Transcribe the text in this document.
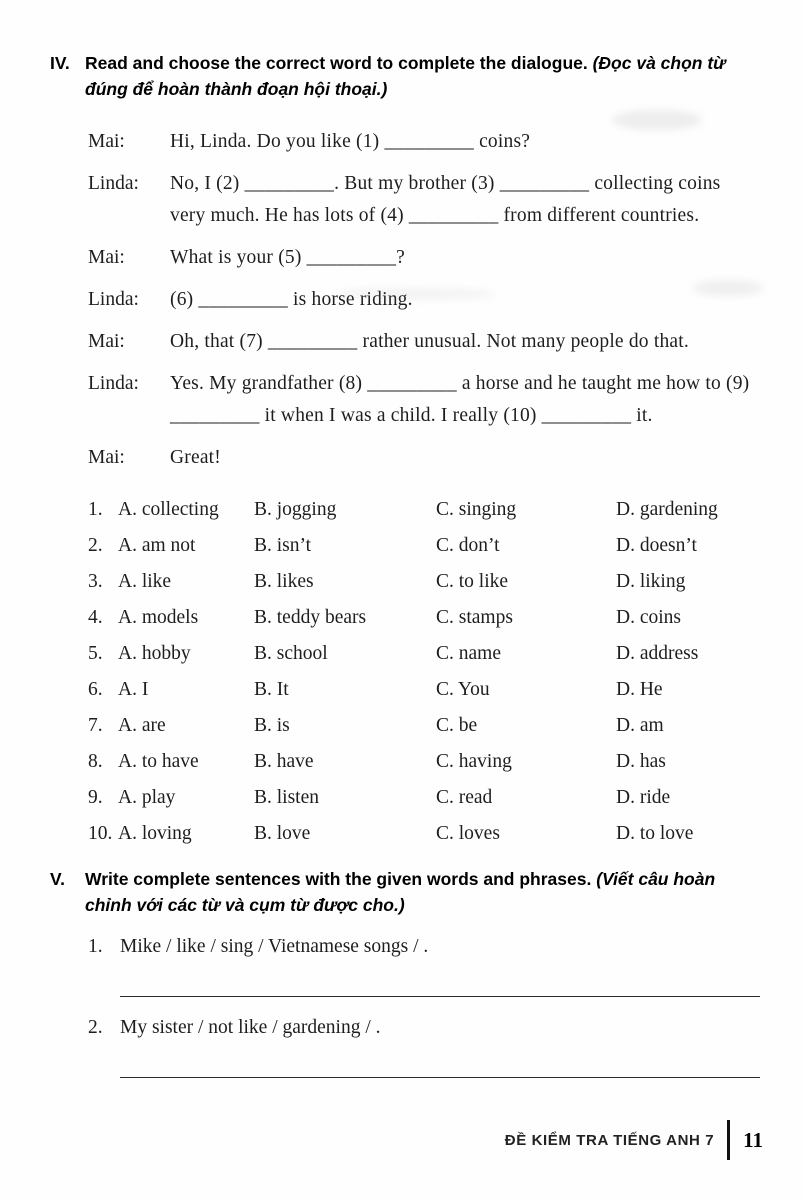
IV. Read and choose the correct word to complete the dialogue. (Đọc và chọn từ đúng để hoàn thành đoạn hội thoại.)
Mai:	Hi, Linda. Do you like (1) _________ coins?
Linda:	No, I (2) _________. But my brother (3) _________ collecting coins very much. He has lots of (4) _________ from different countries.
Mai:	What is your (5) _________?
Linda:	(6) _________ is horse riding.
Mai:	Oh, that (7) _________ rather unusual. Not many people do that.
Linda:	Yes. My grandfather (8) _________ a horse and he taught me how to (9) _________ it when I was a child. I really (10) _________ it.
Mai:	Great!
1. A. collecting	B. jogging	C. singing	D. gardening
2. A. am not	B. isn’t	C. don’t	D. doesn’t
3. A. like	B. likes	C. to like	D. liking
4. A. models	B. teddy bears	C. stamps	D. coins
5. A. hobby	B. school	C. name	D. address
6. A. I	B. It	C. You	D. He
7. A. are	B. is	C. be	D. am
8. A. to have	B. have	C. having	D. has
9. A. play	B. listen	C. read	D. ride
10. A. loving	B. love	C. loves	D. to love
V.	Write complete sentences with the given words and phrases. (Viết câu hoàn chỉnh với các từ và cụm từ được cho.)
1. Mike / like / sing / Vietnamese songs / .
2. My sister / not like / gardening / .
ĐỀ KIỂM TRA TIẾNG ANH 7 11
